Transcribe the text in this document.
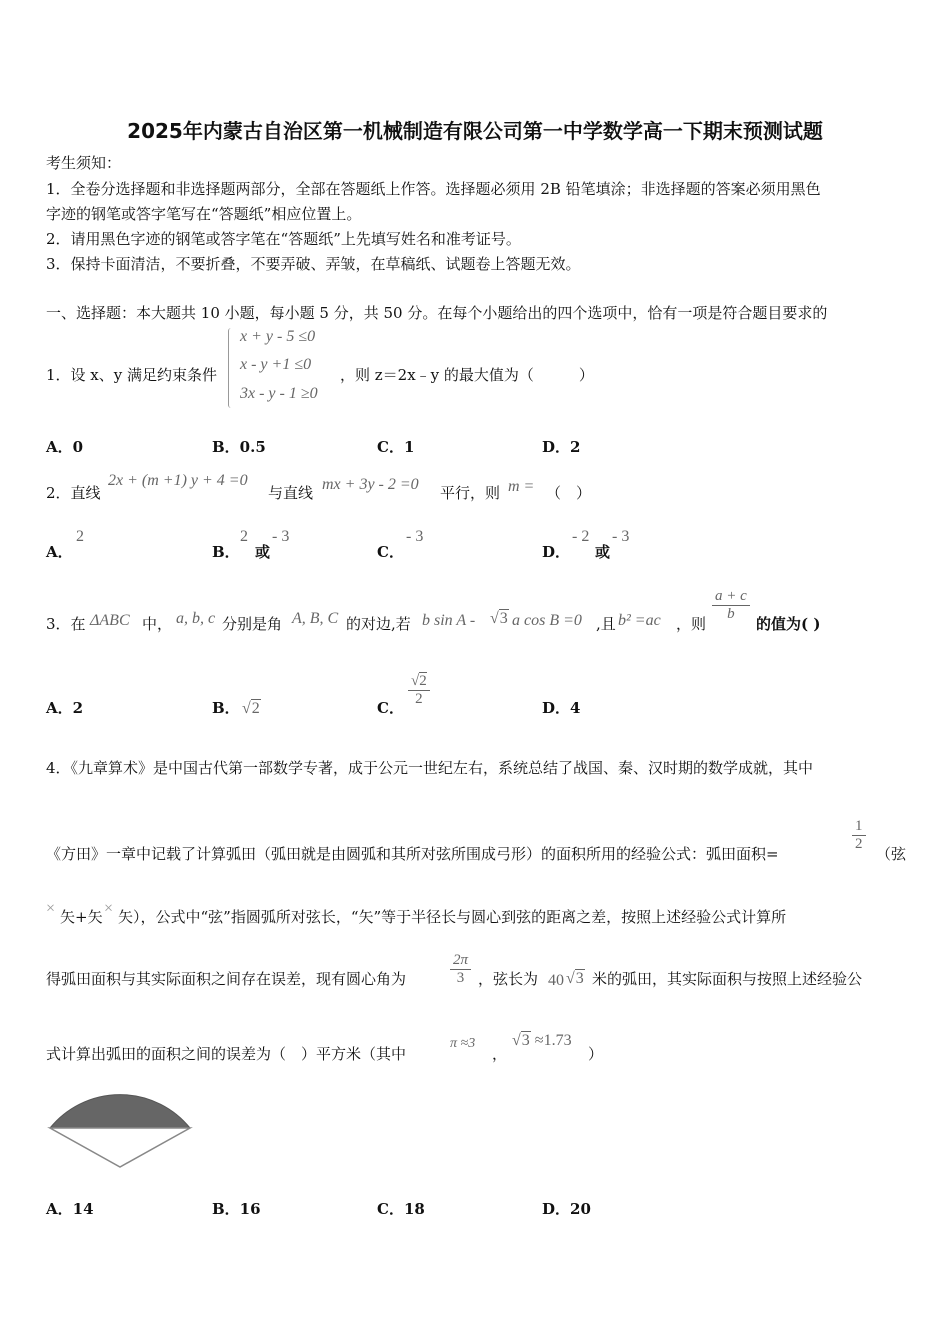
2025年内蒙古自治区第一机械制造有限公司第一中学数学高一下期末预测试题
考生须知：
1．全卷分选择题和非选择题两部分，全部在答题纸上作答。选择题必须用 2B 铅笔填涂；非选择题的答案必须用黑色
字迹的钢笔或答字笔写在“答题纸”相应位置上。
2．请用黑色字迹的钢笔或答字笔在“答题纸”上先填写姓名和准考证号。
3．保持卡面清洁，不要折叠，不要弄破、弄皱，在草稿纸、试题卷上答题无效。
一、选择题：本大题共 10 小题，每小题 5 分，共 50 分。在每个小题给出的四个选项中，恰有一项是符合题目要求的
1．设 x、y 满足约束条件
x + y - 5 ≤0
x - y +1 ≤0
3x - y - 1 ≥0
，则 z＝2x﹣y 的最大值为（　　　）
A．0	B．0.5	C．1	D．2
2．直线
2x + (m +1) y + 4 =0
与直线 mx + 3y - 2 =0 平行，则 m = （　）
A．
2
B．
2
或
- 3
C．
- 3
D．
- 2
或
- 3
3．在 ΔABC 中， a, b, c 分别是角 A, B, C 的对边,若 b sin A - √3 a cos B =0 ,且 b² =ac ，则
$\frac{a + c}{b}$
的值为( )
A．2	B． √2	C． $\frac{√2}{2}$	D．4
4．《九章算术》是中国古代第一部数学专著，成于公元一世纪左右，系统总结了战国、秦、汉时期的数学成就，其中
《方田》一章中记载了计算弧田（弧田就是由圆弧和其所对弦所围成弓形）的面积所用的经验公式：弧田面积=
$\frac{1}{2}$
（弦
× 矢+矢 × 矢），公式中“弦”指圆弧所对弦长，“矢”等于半径长与圆心到弦的距离之差，按照上述经验公式计算所
得弧田面积与其实际面积之间存在误差，现有圆心角为	$\frac{2\pi}{3}$ ，弦长为 40 √3 米的弧田，其实际面积与按照上述经验公
式计算出弧田的面积之间的误差为（　）平方米（其中
π ≈3
，
√3 ≈1.73
）
A．14	B．16	C．18	D．20
